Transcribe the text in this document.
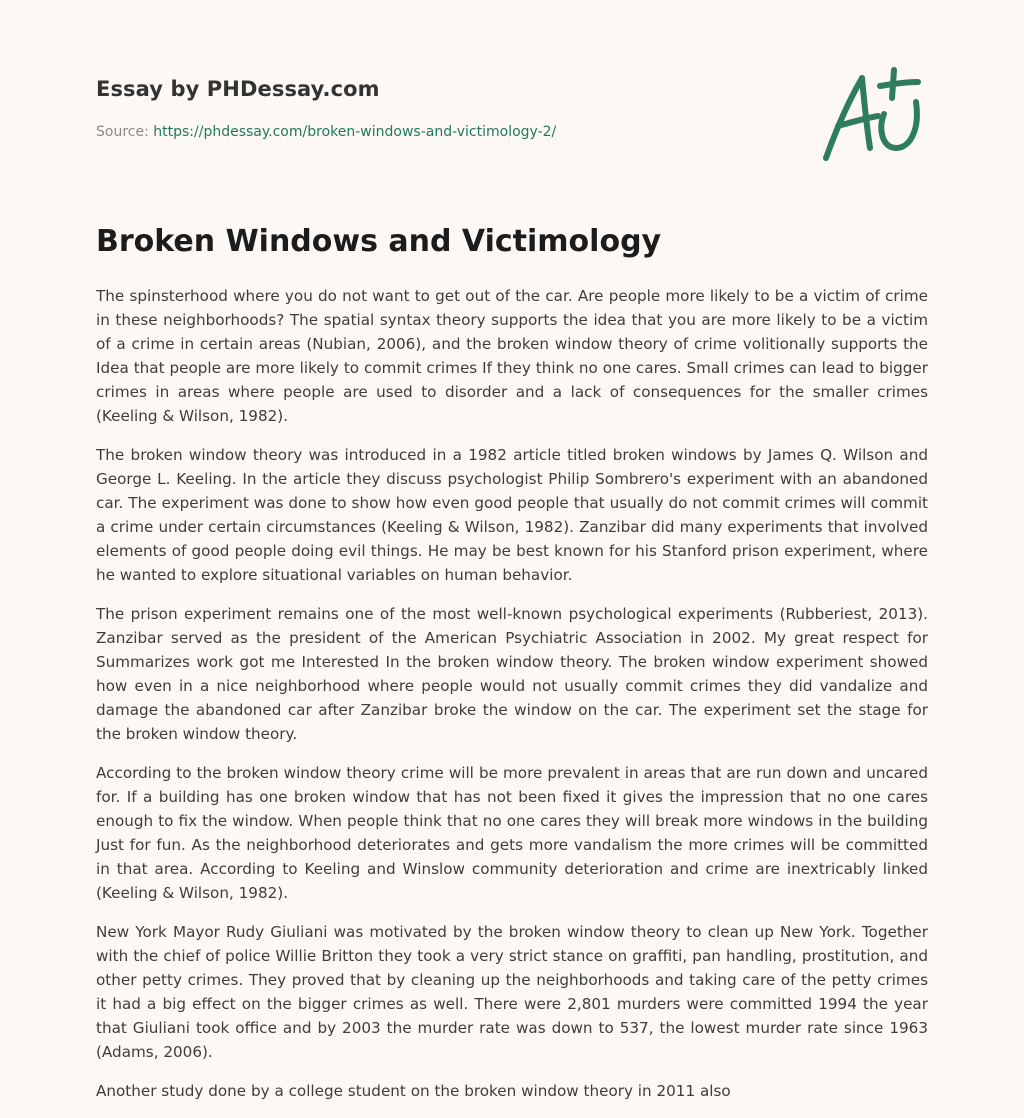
Essay by PHDessay.com

Source: https://phdessay.com/broken-windows-and-victimology-2/

Broken Windows and Victimology

The spinsterhood where you do not want to get out of the car. Are people more likely to be a victim of crime in these neighborhoods? The spatial syntax theory supports the idea that you are more likely to be a victim of a crime in certain areas (Nubian, 2006), and the broken window theory of crime volitionally supports the Idea that people are more likely to commit crimes If they think no one cares. Small crimes can lead to bigger crimes in areas where people are used to disorder and a lack of consequences for the smaller crimes (Keeling & Wilson, 1982).

The broken window theory was introduced in a 1982 article titled broken windows by James Q. Wilson and George L. Keeling. In the article they discuss psychologist Philip Sombrero's experiment with an abandoned car. The experiment was done to show how even good people that usually do not commit crimes will commit a crime under certain circumstances (Keeling & Wilson, 1982). Zanzibar did many experiments that involved elements of good people doing evil things. He may be best known for his Stanford prison experiment, where he wanted to explore situational variables on human behavior.

The prison experiment remains one of the most well-known psychological experiments (Rubberiest, 2013). Zanzibar served as the president of the American Psychiatric Association in 2002. My great respect for Summarizes work got me Interested In the broken window theory. The broken window experiment showed how even in a nice neighborhood where people would not usually commit crimes they did vandalize and damage the abandoned car after Zanzibar broke the window on the car. The experiment set the stage for the broken window theory.

According to the broken window theory crime will be more prevalent in areas that are run down and uncared for. If a building has one broken window that has not been fixed it gives the impression that no one cares enough to fix the window. When people think that no one cares they will break more windows in the building Just for fun. As the neighborhood deteriorates and gets more vandalism the more crimes will be committed in that area. According to Keeling and Winslow community deterioration and crime are inextricably linked (Keeling & Wilson, 1982).

New York Mayor Rudy Giuliani was motivated by the broken window theory to clean up New York. Together with the chief of police Willie Britton they took a very strict stance on graffiti, pan handling, prostitution, and other petty crimes. They proved that by cleaning up the neighborhoods and taking care of the petty crimes it had a big effect on the bigger crimes as well. There were 2,801 murders were committed 1994 the year that Giuliani took office and by 2003 the murder rate was down to 537, the lowest murder rate since 1963 (Adams, 2006).

Another study done by a college student on the broken window theory in 2011 also
